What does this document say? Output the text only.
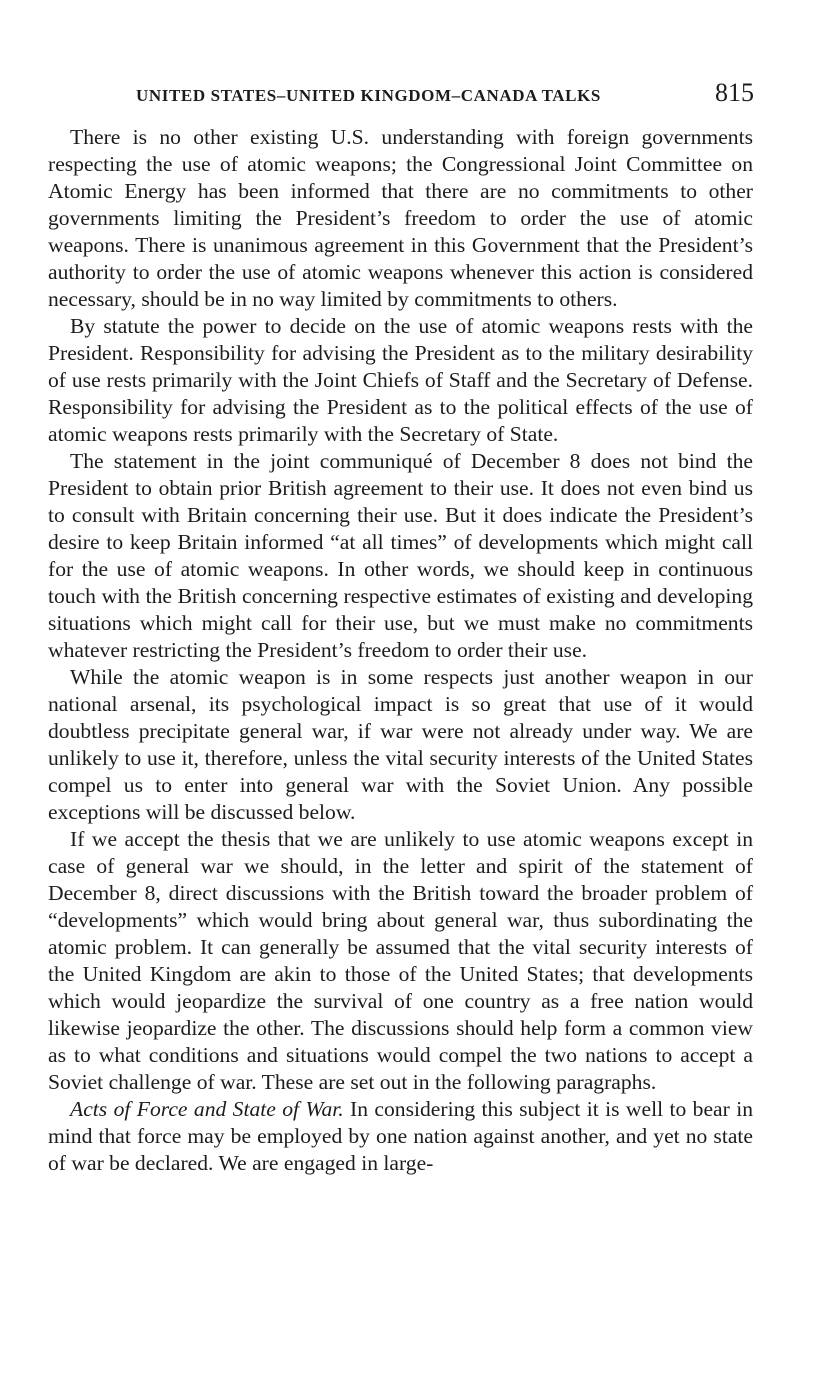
UNITED STATES–UNITED KINGDOM–CANADA TALKS	815

There is no other existing U.S. understanding with foreign governments respecting the use of atomic weapons; the Congressional Joint Committee on Atomic Energy has been informed that there are no commitments to other governments limiting the President’s freedom to order the use of atomic weapons. There is unanimous agreement in this Government that the President’s authority to order the use of atomic weapons whenever this action is considered necessary, should be in no way limited by commitments to others.

By statute the power to decide on the use of atomic weapons rests with the President. Responsibility for advising the President as to the military desirability of use rests primarily with the Joint Chiefs of Staff and the Secretary of Defense. Responsibility for advising the President as to the political effects of the use of atomic weapons rests primarily with the Secretary of State.

The statement in the joint communiqué of December 8 does not bind the President to obtain prior British agreement to their use. It does not even bind us to consult with Britain concerning their use. But it does indicate the President’s desire to keep Britain informed “at all times” of developments which might call for the use of atomic weapons. In other words, we should keep in continuous touch with the British concerning respective estimates of existing and developing situations which might call for their use, but we must make no commitments whatever restricting the President’s freedom to order their use.

While the atomic weapon is in some respects just another weapon in our national arsenal, its psychological impact is so great that use of it would doubtless precipitate general war, if war were not already under way. We are unlikely to use it, therefore, unless the vital security interests of the United States compel us to enter into general war with the Soviet Union. Any possible exceptions will be discussed below.

If we accept the thesis that we are unlikely to use atomic weapons except in case of general war we should, in the letter and spirit of the statement of December 8, direct discussions with the British toward the broader problem of “developments” which would bring about general war, thus subordinating the atomic problem. It can generally be assumed that the vital security interests of the United Kingdom are akin to those of the United States; that developments which would jeopardize the survival of one country as a free nation would likewise jeopardize the other. The discussions should help form a common view as to what conditions and situations would compel the two nations to accept a Soviet challenge of war. These are set out in the following paragraphs.

Acts of Force and State of War. In considering this subject it is well to bear in mind that force may be employed by one nation against another, and yet no state of war be declared. We are engaged in large-
